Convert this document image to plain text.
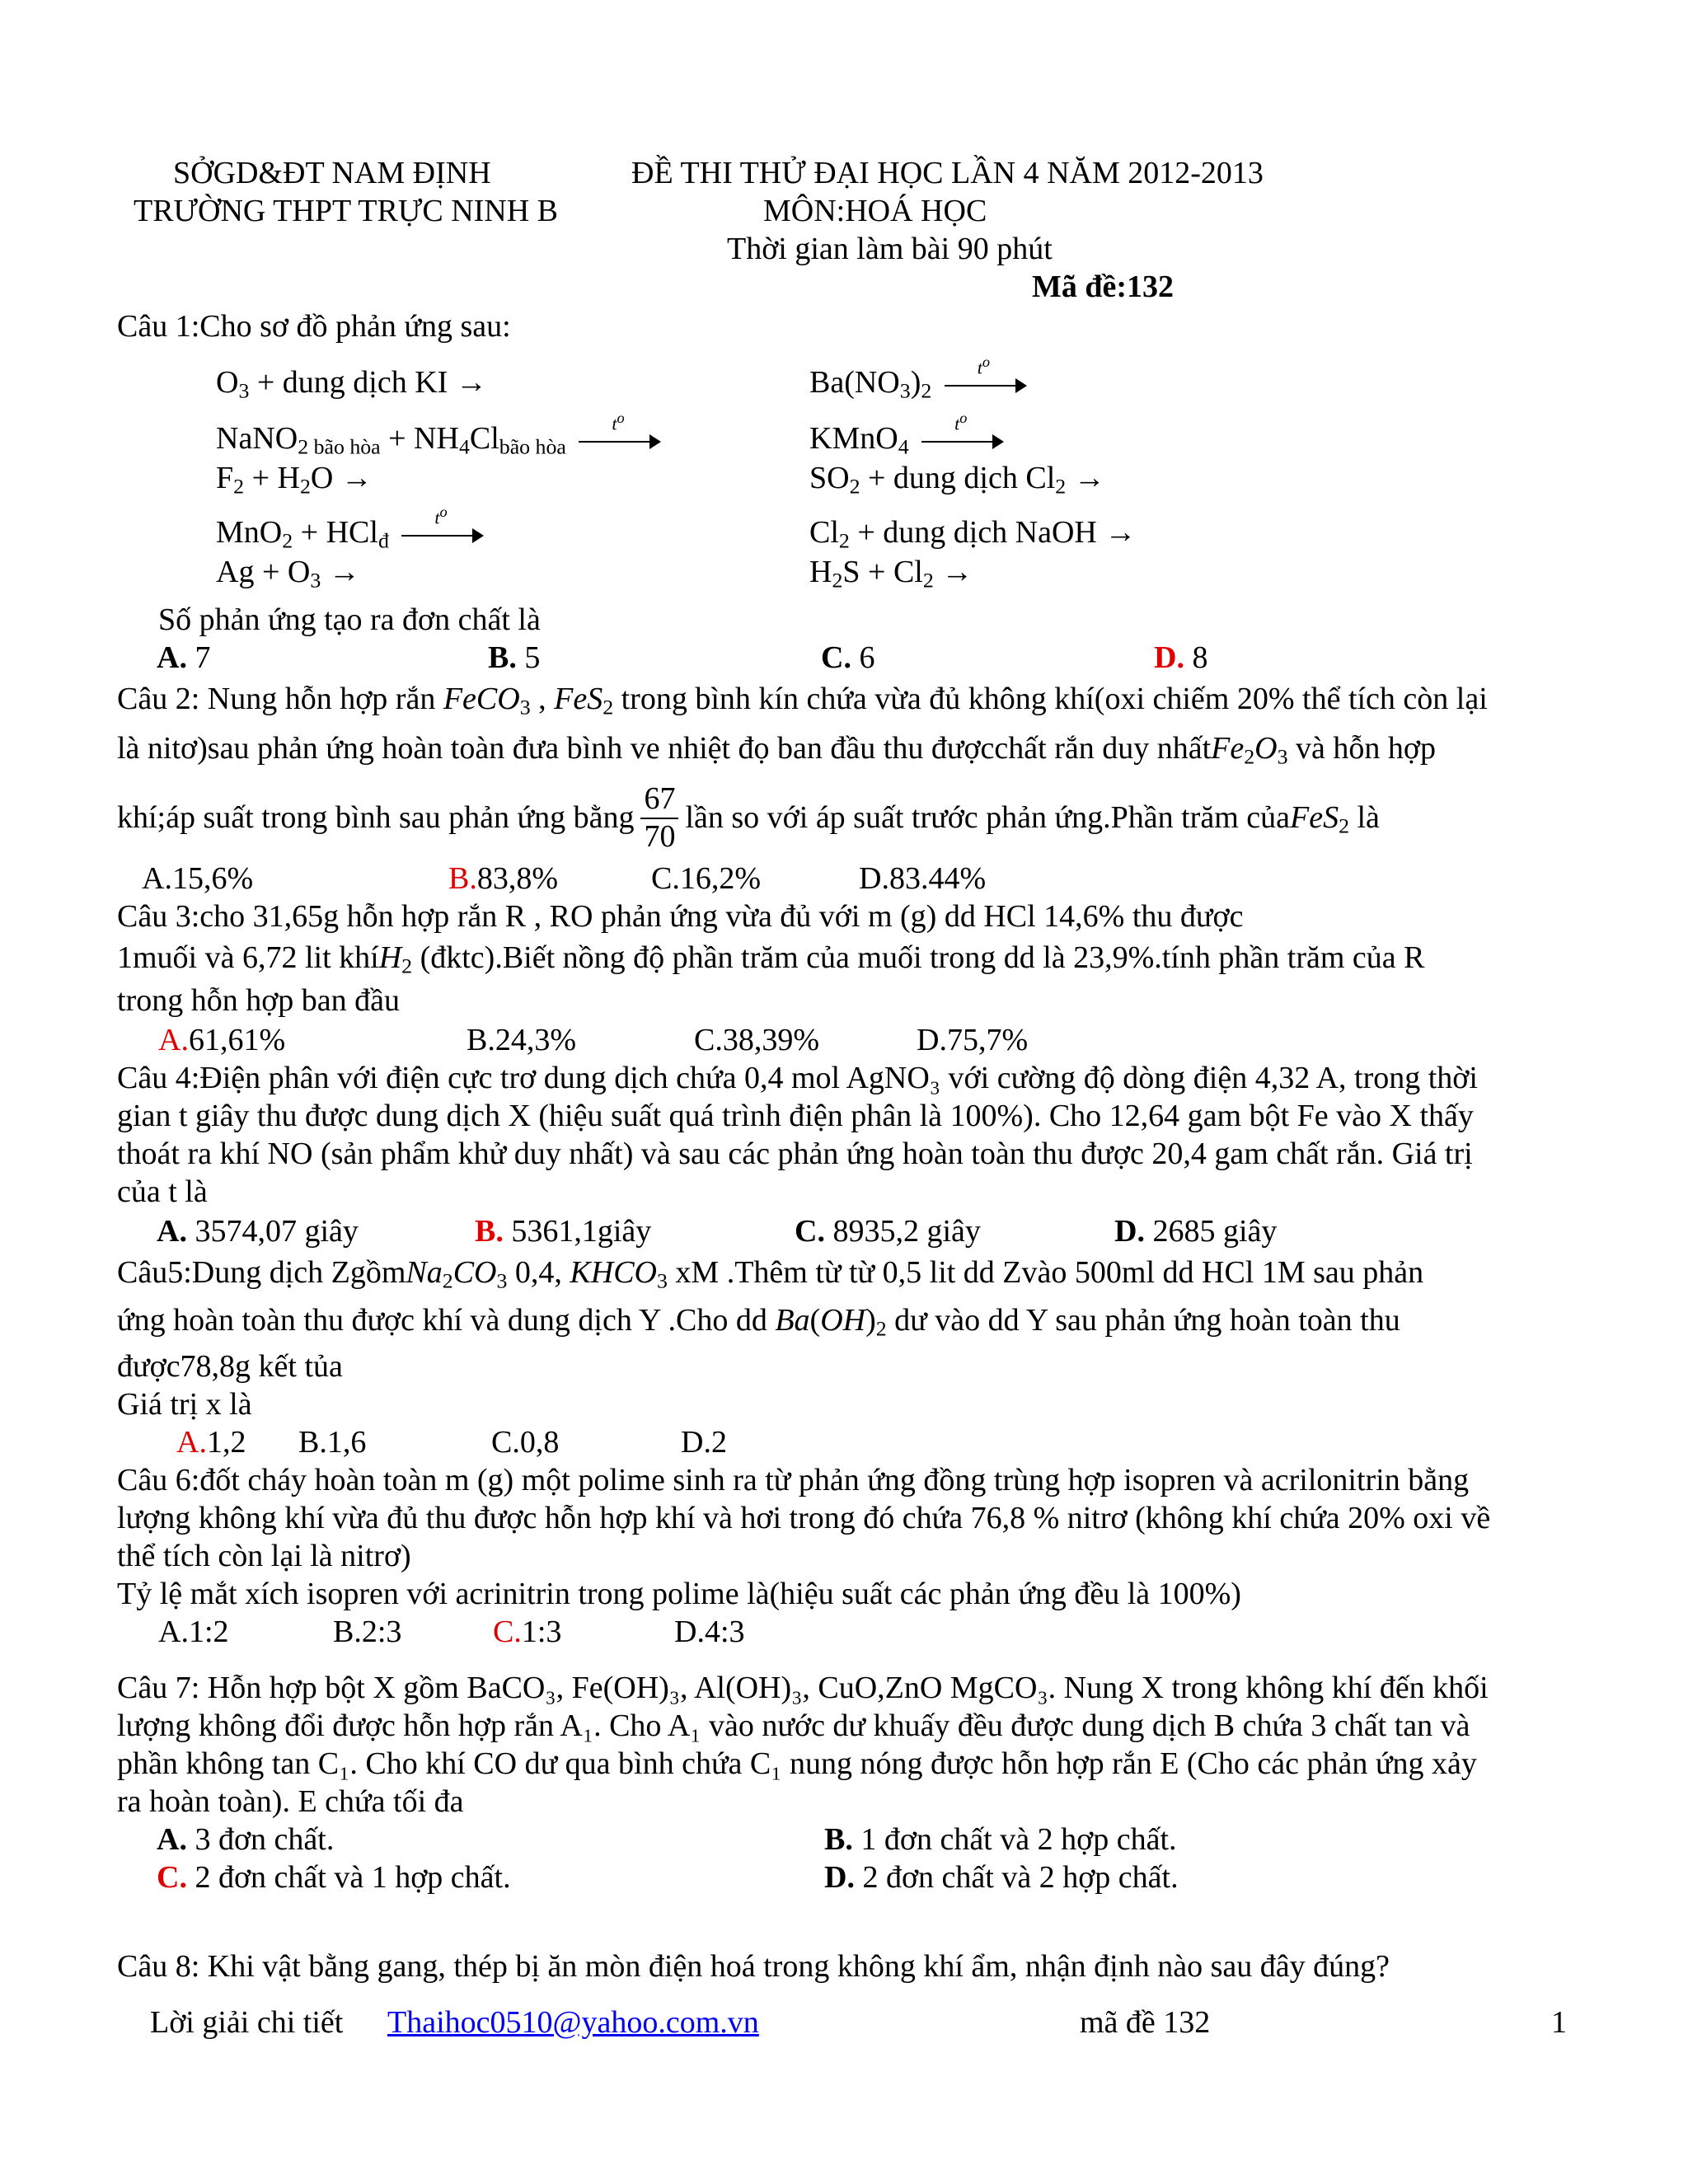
SỞGD&ĐT NAM ĐỊNH
TRƯỜNG THPT TRỰC NINH B
ĐỀ THI THỬ ĐẠI HỌC LẦN 4 NĂM 2012-2013
MÔN:HOÁ HỌC
Thời gian làm bài 90 phút
Mã đề:132
Câu 1:Cho sơ đồ phản ứng sau:
$O_3$ + dung dịch KI →	$Ba(NO_3)_2$
$t^o$
NaNO$_{2 bão hòa}$ + $NH_4Cl_{bão hòa}$
$t^o$
KMnO$_4$
$t^o$
$F_2 + H_2O$ →	$SO_2$ + dung dịch $Cl_2$ →
MnO$_2$ + HCl$_đ$
$t^o$
$Cl_2$ + dung dịch NaOH →
$Ag + O_3$ →	$H_2S + Cl_2$ →
Số phản ứng tạo ra đơn chất là
A. 7	B. 5	C. 6	D. 8
Câu 2: Nung hỗn hợp rắn FeCO$_3$ , FeS$_2$ trong bình kín chứa vừa đủ không khí(oxi chiếm 20% thể tích còn lại
là nitơ)sau phản ứng hoàn toàn đưa bình ve nhiệt đọ ban đầu thu đượcchất rắn duy $nhấtFe_2O_3$ và hỗn hợp
khí;áp suất trong bình sau phản ứng bằng $\frac{67}{70}$ lần so với áp suất trước phản ứng.Phần trăm củaFeS$_2$ là
A.15,6%	B.83,8%	C.16,2%	D.83.44%
Câu 3:cho 31,65g hỗn hợp rắn R , RO phản ứng vừa đủ với m (g) dd HCl 14,6% thu được
1muối và 6,72 lit khíH$_2$ (đktc).Biết nồng độ phần trăm của muối trong dd là 23,9%.tính phần trăm của R
trong hỗn hợp ban đầu
A.61,61%	B.24,3%	C.38,39%	D.75,7%
Câu 4:Điện phân với điện cực trơ dung dịch chứa 0,4 mol AgNO₃ với cường độ dòng điện 4,32 A, trong thời
gian t giây thu được dung dịch X (hiệu suất quá trình điện phân là 100%). Cho 12,64 gam bột Fe vào X thấy
thoát ra khí NO (sản phẩm khử duy nhất) và sau các phản ứng hoàn toàn thu được 20,4 gam chất rắn. Giá trị
của t là
A. 3574,07 giây	B. 5361,1giây	C. 8935,2 giây	D. 2685 giây
Câu5:Dung dịch $ZgồmNa_2CO_3$ 0,4, $KHCO_3$ xM .Thêm từ từ 0,5 lit dd Zvào 500ml dd HCl 1M sau phản
ứng hoàn toàn thu được khí và dung dịch Y .Cho dd $Ba(OH)_2$ dư vào dd Y sau phản ứng hoàn toàn thu
được78,8g kết tủa
Giá trị x là
A.1,2 B.1,6	C.0,8	D.2
Câu 6:đốt cháy hoàn toàn m (g) một polime sinh ra từ phản ứng đồng trùng hợp isopren và acrilonitrin bằng
lượng không khí vừa đủ thu được hỗn hợp khí và hơi trong đó chứa 76,8 % nitrơ (không khí chứa 20% oxi về
thể tích còn lại là nitrơ)
Tỷ lệ mắt xích isopren với acrinitrin trong polime là(hiệu suất các phản ứng đều là 100%)
A.1:2	B.2:3	C.1:3	D.4:3
Câu 7: Hỗn hợp bột X gồm BaCO₃, Fe(OH)₃, Al(OH)₃, CuO,ZnO MgCO₃. Nung X trong không khí đến khối
lượng không đổi được hỗn hợp rắn A₁. Cho A₁ vào nước dư khuấy đều được dung dịch B chứa 3 chất tan và
phần không tan C₁. Cho khí CO dư qua bình chứa C₁ nung nóng được hỗn hợp rắn E (Cho các phản ứng xảy
ra hoàn toàn). E chứa tối đa
A. 3 đơn chất.	B. 1 đơn chất và 2 hợp chất.
C. 2 đơn chất và 1 hợp chất.	D. 2 đơn chất và 2 hợp chất.
Câu 8: Khi vật bằng gang, thép bị ăn mòn điện hoá trong không khí ẩm, nhận định nào sau đây đúng?
Lời giải chi tiết Thaihoc0510@yahoo.com.vn	mã đề 132	1
